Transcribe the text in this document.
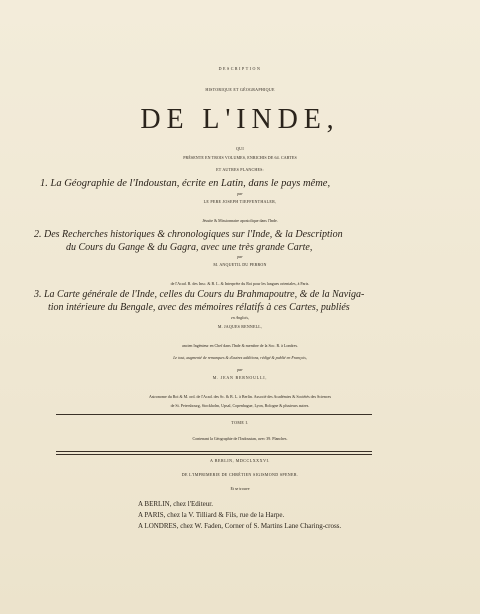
DESCRIPTION
HISTORIQUE ET GÉOGRAPHIQUE
DE L'INDE,
QUI
PRÉSENTE EN TROIS VOLUMES, ENRICHIS DE 64. CARTES
ET AUTRES PLANCHES:
1. La Géographie de l'Indoustan, écrite en Latin, dans le pays même,
par
LE PERE JOSEPH TIEFFENTHALER,
Jésuite & Missionnaire apostolique dans l'Inde.
2. Des Recherches historiques & chronologiques sur l'Inde, & la Description
du Cours du Gange & du Gagra, avec une très grande Carte,
par
M. ANQUETIL DU PERRON
de l'Acad. R. des Insc. & B. L. & Interprète du Roi pour les langues orientales, à Paris.
3. La Carte générale de l'Inde, celles du Cours du Brahmapoutre, & de la Naviga-
tion intérieure du Bengale, avec des mémoires rélatifs à ces Cartes, publiés
en Anglois,
M. JAQUES RENNELL,
ancien Ingénieur en Chef dans l'Inde & membre de la Soc. R. à Londres.
Le tout, augmenté de remarques & d'autres additions, rédigé & publié en François,
par
M. JEAN BERNOULLI,
Astronome du Roi & M. ord. de l'Acad. des Sc. & B. L. à Berlin. Associé des Académies & Sociétés des Sciences
de St. Petersbourg, Stockholm, Upsal, Copenhague, Lyon, Bologne & plusieurs autres.
TOME I.
Contenant la Géographie de l'Indoustan, avec 39. Planches.
A BERLIN, MDCCLXXXVI.
DE L'IMPRIMERIE DE CHRÉTIEN SIGISMOND SPENER.
Et se trouve
A BERLIN, chez l'Editeur.
A PARIS, chez la V. Tilliard & Fils, rue de la Harpe.
A LONDRES, chez W. Faden, Corner of S. Martins Lane Charing-cross.
